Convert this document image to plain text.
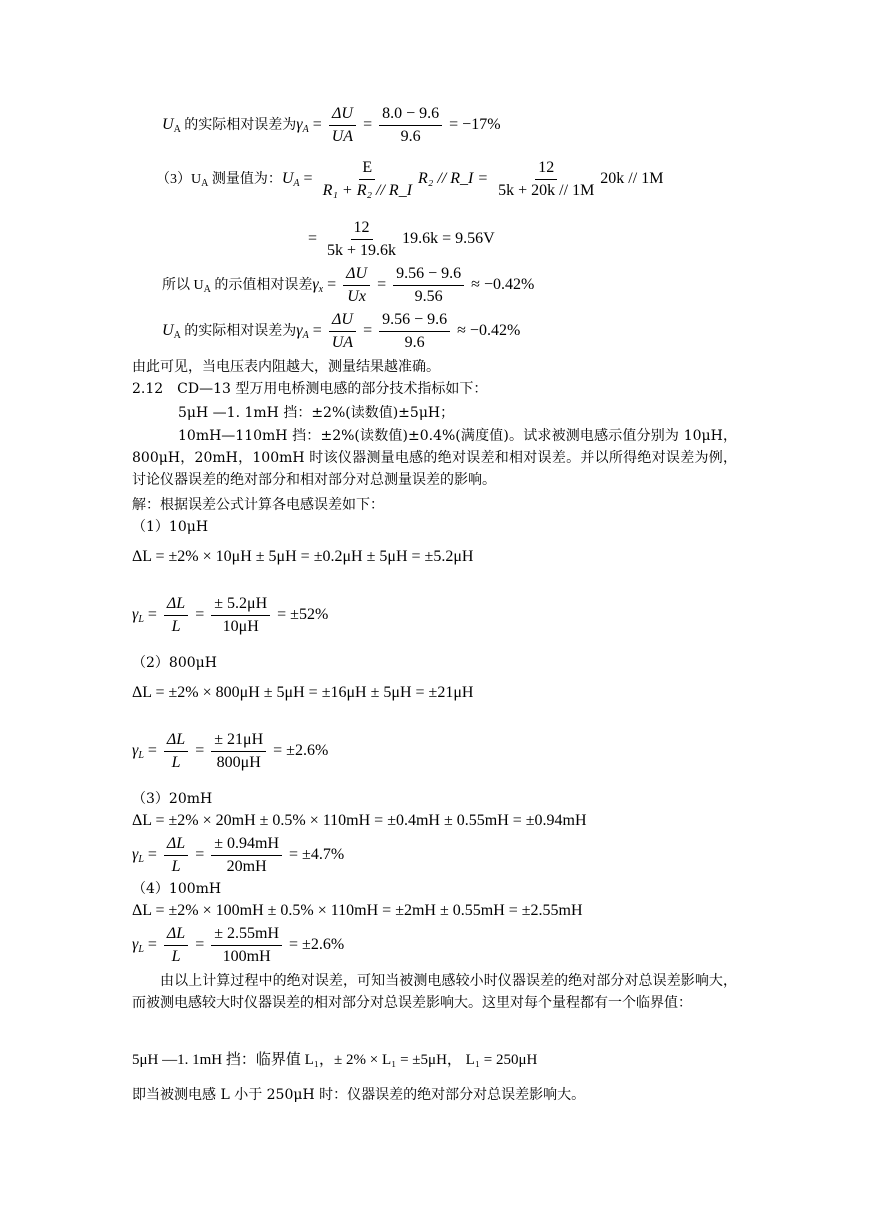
$U_A$ 的实际相对误差为$\gamma_A = \frac{\Delta U}{UA} = \frac{8.0 - 9.6}{9.6} = -17\%$
$(3)U_A$ 测量值为：$U_A = \frac{E}{\text{R₁ + R₂ // R\_I}} R_2$ // R_I = $\frac{12}{5k + 20k // 1M} 20k // 1M$
= $\frac{12}{5k + 19.6k} 19.6k = 9.56V$
所以 $U_A$ 的示值相对误差$\gamma_x = \frac{\Delta U}{Ux} = \frac{9.56 - 9.6}{9.56} \approx -0.42\%$
$U_A$ 的实际相对误差为$\gamma_A = \frac{\Delta U}{UA} = \frac{9.56 - 9.6}{9.6} \approx -0.42\%$
由此可见，当电压表内阻越大，测量结果越准确。
2.12　CD—13 型万用电桥测电感的部分技术指标如下：
5μH —1. 1mH 挡：±2%(读数值)±5μH；
10mH—110mH 挡：±2%(读数值)±0.4%(满度值)。试求被测电感示值分别为 10μH，800μH，20mH，100mH 时该仪器测量电感的绝对误差和相对误差。并以所得绝对误差为例，讨论仪器误差的绝对部分和相对部分对总测量误差的影响。
解：根据误差公式计算各电感误差如下：
（1）10μH
ΔL = ±2% × 10μH ± 5μH = ±0.2μH ± 5μH = ±5.2μH
$\gamma_L = \frac{\Delta L}{L} = \frac{\pm 5.2\mu H}{10\mu H} = \pm 52\%$
（2）800μH
ΔL = ±2% × 800μH ± 5μH = ±16μH ± 5μH = ±21μH
$\gamma_L = \frac{\Delta L}{L} = \frac{\pm 21\mu H}{800\mu H} = \pm 2.6\%$
（3）20mH
ΔL = ±2% × 20mH ± 0.5% × 110mH = ±0.4mH ± 0.55mH = ±0.94mH
$\gamma_L = \frac{\Delta L}{L} = \frac{\pm 0.94mH}{20mH} = \pm 4.7\%$
（4）100mH
ΔL = ±2% × 100mH ± 0.5% × 110mH = ±2mH ± 0.55mH = ±2.55mH
$\gamma_L = \frac{\Delta L}{L} = \frac{\pm 2.55mH}{100mH} = \pm 2.6\%$
由以上计算过程中的绝对误差，可知当被测电感较小时仪器误差的绝对部分对总误差影响大，而被测电感较大时仪器误差的相对部分对总误差影响大。这里对每个量程都有一个临界值：
5μH —1. 1mH 挡：临界值 L₁，± 2% × L₁ = ±5μH， L₁ = 250μH
即当被测电感 L 小于 250μH 时：仪器误差的绝对部分对总误差影响大。
